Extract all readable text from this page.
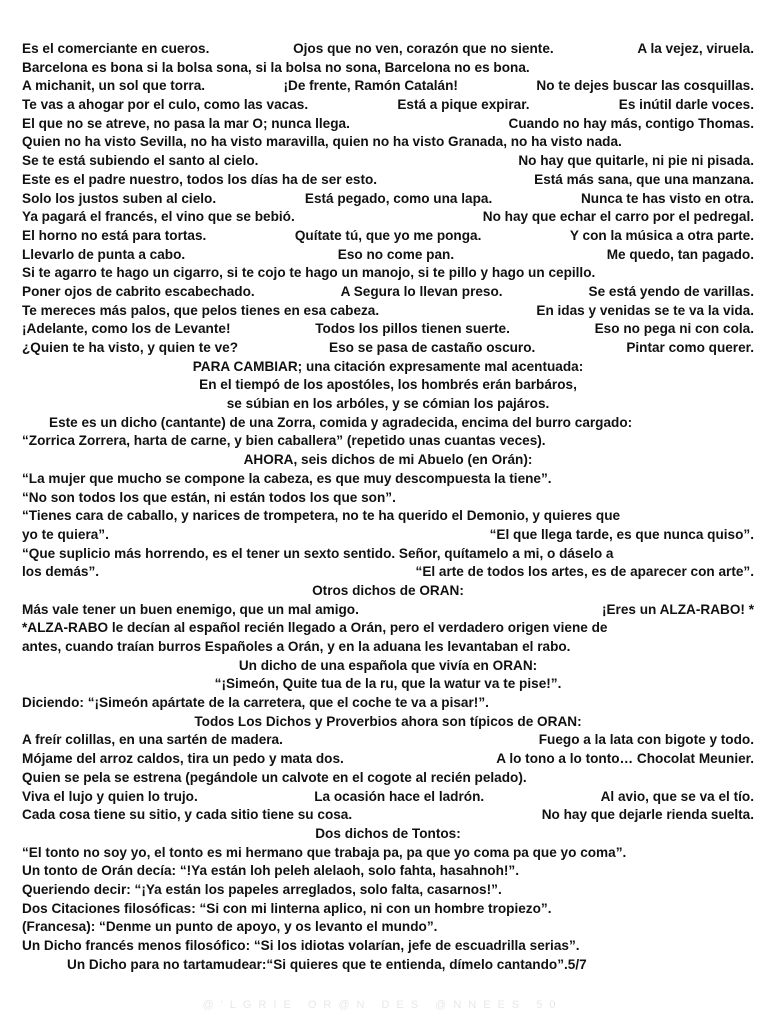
Es el comerciante en cueros.	Ojos que no ven, corazón que no siente.	A la vejez, viruela.
Barcelona es bona si la bolsa sona, si la bolsa no sona, Barcelona no es bona.
A michanit, un sol que torra.	¡De frente, Ramón Catalán!	No te dejes buscar las cosquillas.
Te vas a ahogar por el culo, como las vacas.	Está a pique expirar.	Es inútil darle voces.
El que no se atreve, no pasa la mar O; nunca llega.	Cuando no hay más, contigo Thomas.
Quien no ha visto Sevilla, no ha visto maravilla, quien no ha visto Granada, no ha visto nada.
Se te está subiendo el santo al cielo.	No hay que quitarle, ni pie ni pisada.
Este es el padre nuestro, todos los días ha de ser esto.	Está más sana, que una manzana.
Solo los justos suben al cielo.	Está pegado, como una lapa.	Nunca te has visto en otra.
Ya pagará el francés, el vino que se bebió.	No hay que echar el carro por el pedregal.
El horno no está para tortas.	Quítate tú, que yo me ponga.	Y con la música a otra parte.
Llevarlo de punta a cabo.	Eso no come pan.	Me quedo, tan pagado.
Si te agarro te hago un cigarro, si te cojo te hago un manojo, si te pillo y hago un cepillo.
Poner ojos de cabrito escabechado.	A Segura lo llevan preso.	Se está yendo de varillas.
Te mereces más palos, que pelos tienes en esa cabeza.	En idas y venidas se te va la vida.
¡Adelante, como los de Levante!	Todos los pillos tienen suerte.	Eso no pega ni con cola.
¿Quien te ha visto, y quien te ve?	Eso se pasa de castaño oscuro.	Pintar como querer.
PARA CAMBIAR; una citación expresamente mal acentuada:
En el tiempó de los apostóles, los hombrés erán barbáros,
se súbian en los arbóles, y se cómian los pajáros.
Este es un dicho (cantante) de una Zorra, comida y agradecida, encima del burro cargado:
“Zorrica Zorrera, harta de carne, y bien caballera” (repetido unas cuantas veces).
AHORA, seis dichos de mi Abuelo (en Orán):
“La mujer que mucho se compone la cabeza, es que muy descompuesta la tiene”.
“No son todos los que están, ni están todos los que son”.
“Tienes cara de caballo, y narices de trompetera, no te ha querido el Demonio, y quieres que
yo te quiera”.	“El que llega tarde, es que nunca quiso”.
“Que suplicio más horrendo, es el tener un sexto sentido. Señor, quítamelo a mi, o dáselo a
los demás”.	“El arte de todos los artes, es de aparecer con arte”.
Otros dichos de ORAN:
Más vale tener un buen enemigo, que un mal amigo.	¡Eres un ALZA-RABO! *
*ALZA-RABO le decían al español recién llegado a Orán, pero el verdadero origen viene de
antes, cuando traían burros Españoles a Orán, y en la aduana les levantaban el rabo.
Un dicho de una española que vivía en ORAN:
“¡Simeón, Quite tua de la ru, que la watur va te pise!”.
Diciendo: “¡Simeón apártate de la carretera, que el coche te va a pisar!”.
Todos Los Dichos y Proverbios ahora son típicos de ORAN:
A freír colillas, en una sartén de madera.	Fuego a la lata con bigote y todo.
Mójame del arroz caldos, tira un pedo y mata dos.	A lo tono a lo tonto… Chocolat Meunier.
Quien se pela se estrena (pegándole un calvote en el cogote al recién pelado).
Viva el lujo y quien lo trujo.	La ocasión hace el ladrón.	Al avio, que se va el tío.
Cada cosa tiene su sitio, y cada sitio tiene su cosa.	No hay que dejarle rienda suelta.
Dos dichos de Tontos:
“El tonto no soy yo, el tonto es mi hermano que trabaja pa, pa que yo coma pa que yo coma”.
Un tonto de Orán decía: “!Ya están loh peleh alelaoh, solo fahta, hasahnoh!”.
Queriendo decir: “¡Ya están los papeles arreglados, solo falta, casarnos!”.
Dos Citaciones filosóficas: “Si con mi linterna aplico, ni con un hombre tropiezo”.
(Francesa): “Denme un punto de apoyo, y os levanto el mundo”.
Un Dicho francés menos filosófico: “Si los idiotas volarían, jefe de escuadrilla serias”.
Un Dicho para no tartamudear: “Si quieres que te entienda, dímelo cantando”. 5/7
@'LGRIE OR@N DES @NNEES 50
